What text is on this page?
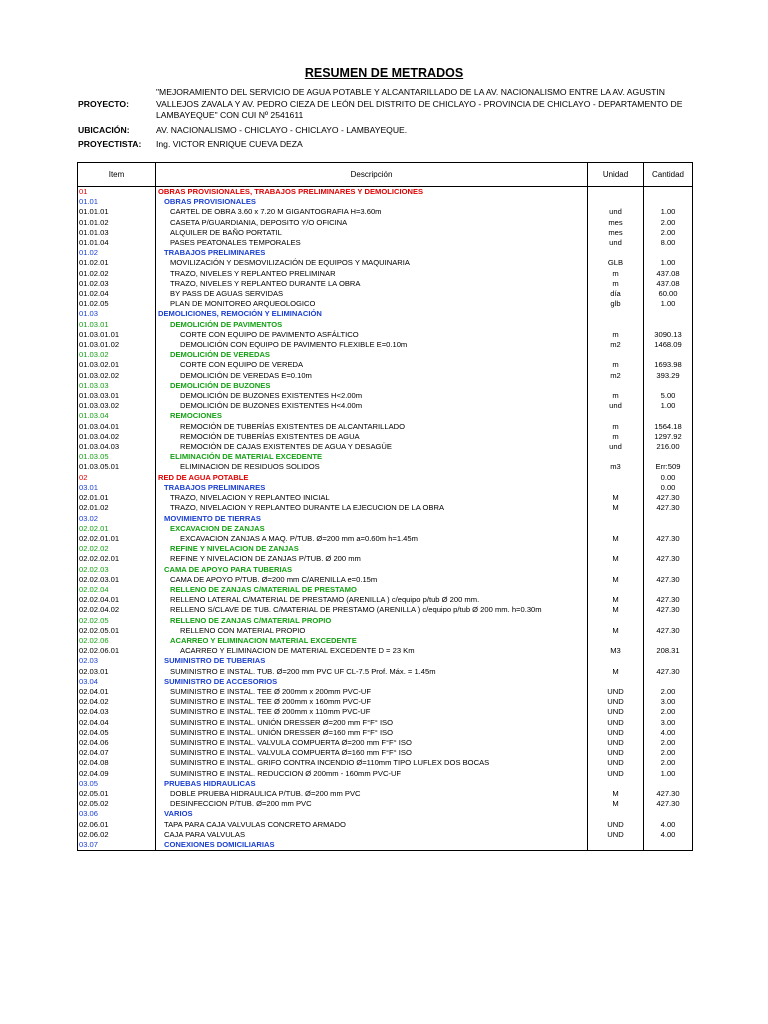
RESUMEN DE METRADOS
PROYECTO:
"MEJORAMIENTO DEL SERVICIO DE AGUA POTABLE Y ALCANTARILLADO DE LA AV. NACIONALISMO ENTRE LA AV. AGUSTIN VALLEJOS ZAVALA Y AV. PEDRO CIEZA DE LEÓN DEL DISTRITO DE CHICLAYO - PROVINCIA DE CHICLAYO - DEPARTAMENTO DE LAMBAYEQUE" CON CUI Nº 2541611
UBICACIÓN:	AV. NACIONALISMO - CHICLAYO - CHICLAYO - LAMBAYEQUE.
PROYECTISTA: Ing. VICTOR ENRIQUE CUEVA DEZA
Item	Descripción	Unidad	Cantidad
01	OBRAS PROVISIONALES, TRABAJOS PRELIMINARES Y DEMOLICIONES		
01.01	OBRAS PROVISIONALES		
01.01.01	CARTEL DE OBRA 3.60 x 7.20 M GIGANTOGRAFIA H=3.60m	und	1.00
01.01.02	CASETA P/GUARDIANIA, DEPOSITO Y/O OFICINA	mes	2.00
01.01.03	ALQUILER DE BAÑO PORTATIL	mes	2.00
01.01.04	PASES PEATONALES TEMPORALES	und	8.00
01.02	TRABAJOS PRELIMINARES		
01.02.01	MOVILIZACIÓN Y DESMOVILIZACIÓN DE EQUIPOS Y MAQUINARIA	GLB	1.00
01.02.02	TRAZO, NIVELES Y REPLANTEO PRELIMINAR	m	437.08
01.02.03	TRAZO, NIVELES Y REPLANTEO DURANTE LA OBRA	m	437.08
01.02.04	BY PASS DE AGUAS SERVIDAS	día	60.00
01.02.05	PLAN DE MONITOREO ARQUEOLOGICO	glb	1.00
01.03	DEMOLICIONES, REMOCIÓN Y ELIMINACIÓN		
01.03.01	DEMOLICIÓN DE PAVIMENTOS		
01.03.01.01	CORTE CON EQUIPO DE PAVIMENTO ASFÁLTICO	m	3090.13
01.03.01.02	DEMOLICIÓN CON EQUIPO DE PAVIMENTO FLEXIBLE E=0.10m	m2	1468.09
01.03.02	DEMOLICIÓN DE VEREDAS		
01.03.02.01	CORTE CON EQUIPO DE VEREDA	m	1693.98
01.03.02.02	DEMOLICIÓN DE VEREDAS E=0.10m	m2	393.29
01.03.03	DEMOLICIÓN DE BUZONES		
01.03.03.01	DEMOLICIÓN DE BUZONES EXISTENTES H<2.00m	m	5.00
01.03.03.02	DEMOLICIÓN DE BUZONES EXISTENTES H<4.00m	und	1.00
01.03.04	REMOCIONES		
01.03.04.01	REMOCIÓN DE TUBERÍAS EXISTENTES DE ALCANTARILLADO	m	1564.18
01.03.04.02	REMOCIÓN DE TUBERÍAS EXISTENTES DE AGUA	m	1297.92
01.03.04.03	REMOCIÓN DE CAJAS EXISTENTES DE AGUA Y DESAGÜE	und	216.00
01.03.05	ELIMINACIÓN DE MATERIAL EXCEDENTE		
01.03.05.01	ELIMINACION DE RESIDUOS SOLIDOS	m3	Err:509
02	RED DE AGUA POTABLE		0.00
03.01	TRABAJOS PRELIMINARES		0.00
02.01.01	TRAZO, NIVELACION Y REPLANTEO INICIAL	M	427.30
02.01.02	TRAZO, NIVELACION Y REPLANTEO DURANTE LA EJECUCION DE LA OBRA	M	427.30
03.02	MOVIMIENTO DE TIERRAS		
02.02.01	EXCAVACION DE ZANJAS		
02.02.01.01	EXCAVACION ZANJAS A MAQ. P/TUB. Ø=200 mm a=0.60m h=1.45m	M	427.30
02.02.02	REFINE Y NIVELACION DE ZANJAS		
02.02.02.01	REFINE Y NIVELACION DE ZANJAS P/TUB. Ø 200 mm	M	427.30
02.02.03	CAMA DE APOYO PARA TUBERIAS		
02.02.03.01	CAMA DE APOYO P/TUB. Ø=200 mm C/ARENILLA e=0.15m	M	427.30
02.02.04	RELLENO DE ZANJAS C/MATERIAL DE PRESTAMO		
02.02.04.01	RELLENO LATERAL C/MATERIAL DE PRESTAMO (ARENILLA ) c/equipo p/tub Ø 200 mm.	M	427.30
02.02.04.02	RELLENO S/CLAVE DE TUB. C/MATERIAL DE PRESTAMO (ARENILLA ) c/equipo p/tub Ø 200 mm. h=0.30m	M	427.30
02.02.05	RELLENO DE ZANJAS C/MATERIAL PROPIO		
02.02.05.01	RELLENO CON MATERIAL PROPIO	M	427.30
02.02.06	ACARREO Y ELIMINACION MATERIAL EXCEDENTE		
02.02.06.01	ACARREO Y ELIMINACION DE MATERIAL EXCEDENTE D = 23 Km	M3	208.31
02.03	SUMINISTRO DE TUBERIAS		
02.03.01	SUMINISTRO E INSTAL. TUB. Ø=200 mm PVC UF CL-7.5 Prof. Máx. = 1.45m	M	427.30
03.04	SUMINISTRO DE ACCESORIOS		
02.04.01	SUMINISTRO E INSTAL. TEE Ø 200mm x 200mm PVC-UF	UND	2.00
02.04.02	SUMINISTRO E INSTAL. TEE Ø 200mm x 160mm PVC-UF	UND	3.00
02.04.03	SUMINISTRO E INSTAL. TEE Ø 200mm x 110mm PVC-UF	UND	2.00
02.04.04	SUMINISTRO E INSTAL. UNIÓN DRESSER Ø=200 mm F°F° ISO	UND	3.00
02.04.05	SUMINISTRO E INSTAL. UNIÓN DRESSER Ø=160 mm F°F° ISO	UND	4.00
02.04.06	SUMINISTRO E INSTAL. VALVULA COMPUERTA Ø=200 mm F°F° ISO	UND	2.00
02.04.07	SUMINISTRO E INSTAL. VALVULA COMPUERTA Ø=160 mm F°F° ISO	UND	2.00
02.04.08	SUMINISTRO E INSTAL. GRIFO CONTRA INCENDIO Ø=110mm TIPO LUFLEX DOS BOCAS	UND	2.00
02.04.09	SUMINISTRO E INSTAL. REDUCCION Ø 200mm - 160mm PVC-UF	UND	1.00
03.05	PRUEBAS HIDRAULICAS		
02.05.01	DOBLE PRUEBA HIDRAULICA P/TUB. Ø=200 mm PVC	M	427.30
02.05.02	DESINFECCION P/TUB. Ø=200 mm PVC	M	427.30
03.06	VARIOS		
02.06.01	TAPA PARA CAJA VALVULAS CONCRETO ARMADO	UND	4.00
02.06.02	CAJA PARA VALVULAS	UND	4.00
03.07	CONEXIONES DOMICILIARIAS		
